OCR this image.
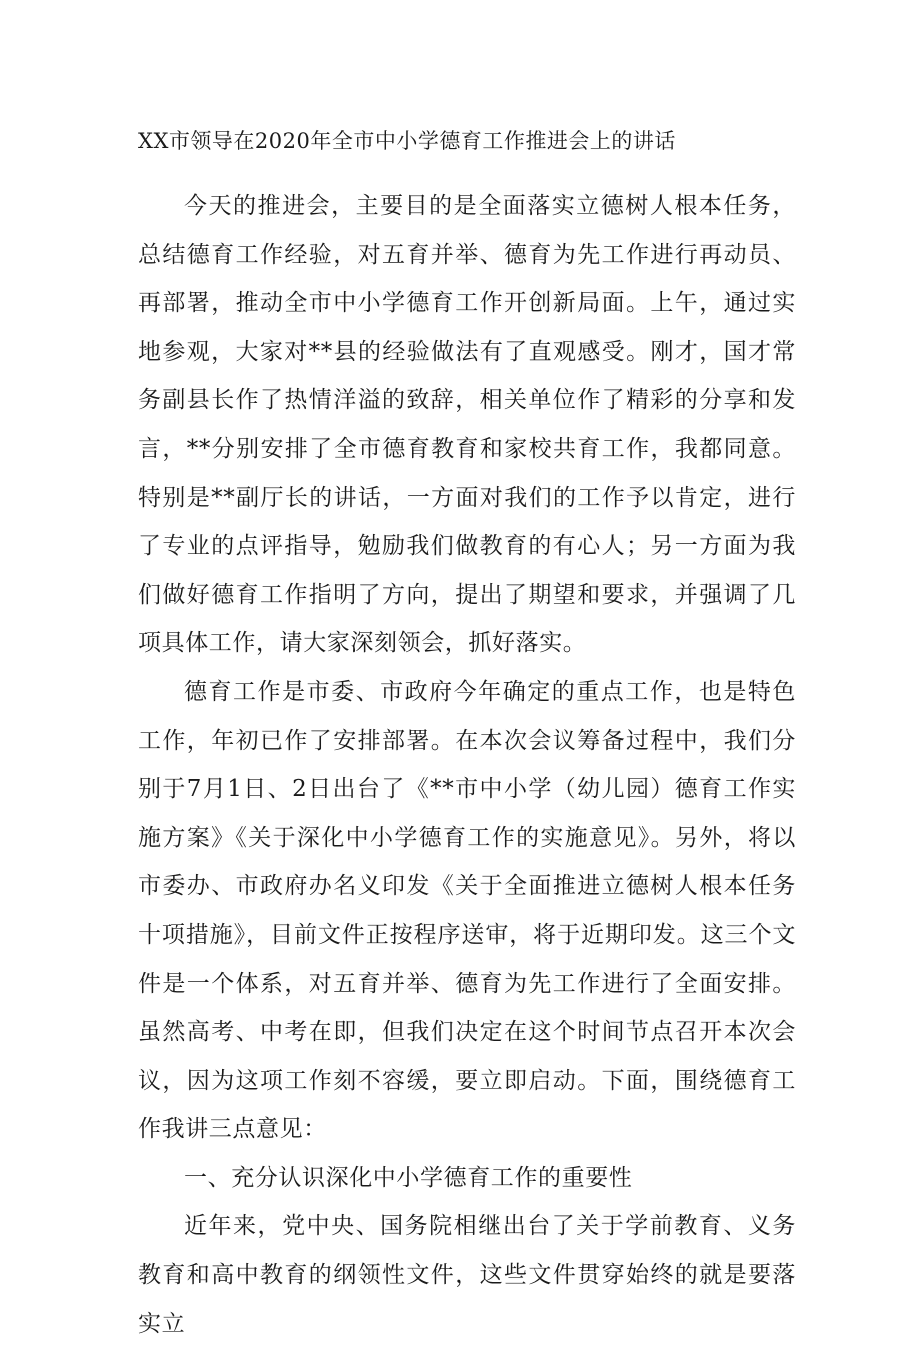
XX市领导在2020年全市中小学德育工作推进会上的讲话

今天的推进会，主要目的是全面落实立德树人根本任务，总结德育工作经验，对五育并举、德育为先工作进行再动员、再部署，推动全市中小学德育工作开创新局面。上午，通过实地参观，大家对**县的经验做法有了直观感受。刚才，国才常务副县长作了热情洋溢的致辞，相关单位作了精彩的分享和发言，**分别安排了全市德育教育和家校共育工作，我都同意。特别是**副厅长的讲话，一方面对我们的工作予以肯定，进行了专业的点评指导，勉励我们做教育的有心人；另一方面为我们做好德育工作指明了方向，提出了期望和要求，并强调了几项具体工作，请大家深刻领会，抓好落实。

德育工作是市委、市政府今年确定的重点工作，也是特色工作，年初已作了安排部署。在本次会议筹备过程中，我们分别于7月1日、2日出台了《**市中小学（幼儿园）德育工作实施方案》《关于深化中小学德育工作的实施意见》。另外，将以市委办、市政府办名义印发《关于全面推进立德树人根本任务十项措施》，目前文件正按程序送审，将于近期印发。这三个文件是一个体系，对五育并举、德育为先工作进行了全面安排。虽然高考、中考在即，但我们决定在这个时间节点召开本次会议，因为这项工作刻不容缓，要立即启动。下面，围绕德育工作我讲三点意见：

一、充分认识深化中小学德育工作的重要性

近年来，党中央、国务院相继出台了关于学前教育、义务教育和高中教育的纲领性文件，这些文件贯穿始终的就是要落实立
